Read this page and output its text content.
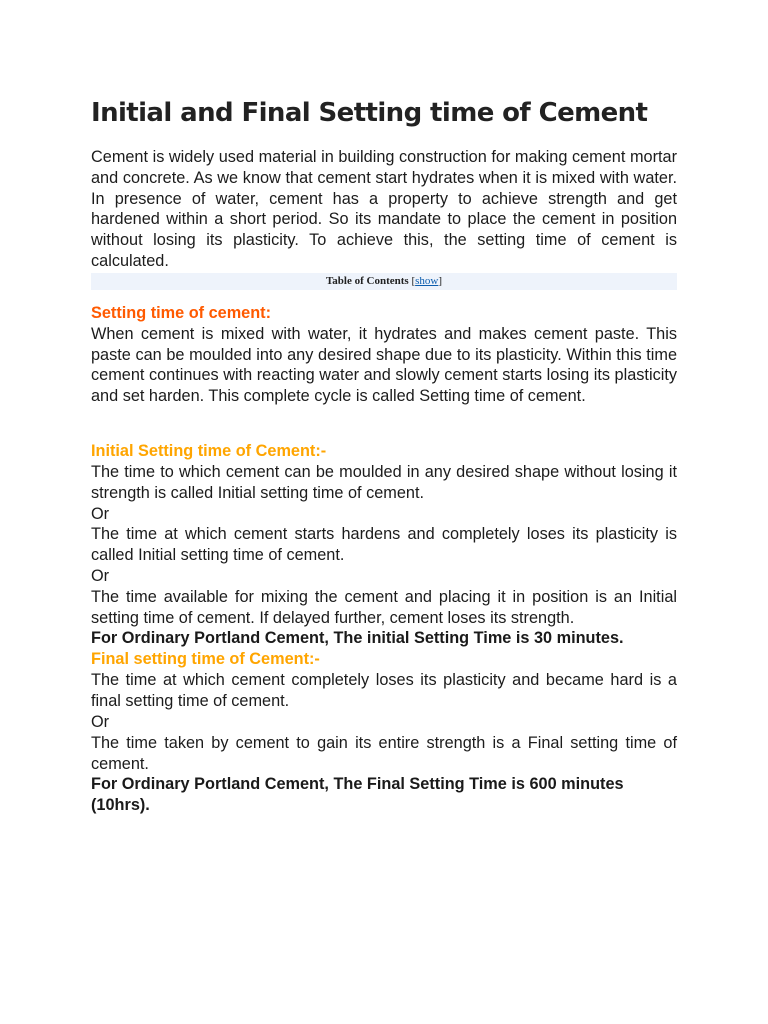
Initial and Final Setting time of Cement

Cement is widely used material in building construction for making cement mortar and concrete. As we know that cement start hydrates when it is mixed with water. In presence of water, cement has a property to achieve strength and get hardened within a short period. So its mandate to place the cement in position without losing its plasticity. To achieve this, the setting time of cement is calculated.

Table of Contents [show]
Setting time of cement:

When cement is mixed with water, it hydrates and makes cement paste. This paste can be moulded into any desired shape due to its plasticity. Within this time cement continues with reacting water and slowly cement starts losing its plasticity and set harden. This complete cycle is called Setting time of cement.

Initial Setting time of Cement:-

The time to which cement can be moulded in any desired shape without losing it strength is called Initial setting time of cement.

Or

The time at which cement starts hardens and completely loses its plasticity is called Initial setting time of cement.

Or

The time available for mixing the cement and placing it in position is an Initial setting time of cement. If delayed further, cement loses its strength.

For Ordinary Portland Cement, The initial Setting Time is 30 minutes.

Final setting time of Cement:-

The time at which cement completely loses its plasticity and became hard is a final setting time of cement.

Or

The time taken by cement to gain its entire strength is a Final setting time of cement.

For Ordinary Portland Cement, The Final Setting Time is 600 minutes (10hrs).
